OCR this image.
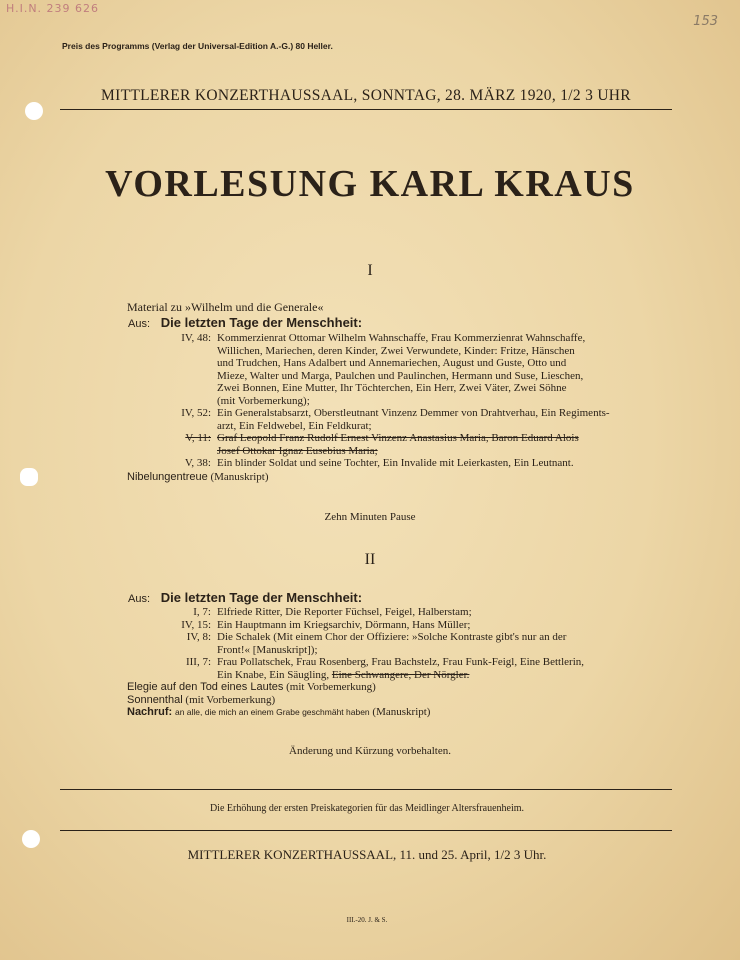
H.I.N. 239 626
153
Preis des Programms (Verlag der Universal-Edition A.-G.) 80 Heller.
MITTLERER KONZERTHAUSSAAL, SONNTAG, 28. MÄRZ 1920, 1/2 3 UHR
VORLESUNG KARL KRAUS
I
Material zu »Wilhelm und die Generale«
Aus: Die letzten Tage der Menschheit:
IV, 48: Kommerzienrat Ottomar Wilhelm Wahnschaffe, Frau Kommerzienrat Wahnschaffe,
Willichen, Mariechen, deren Kinder, Zwei Verwundete, Kinder: Fritze, Hänschen
und Trudchen, Hans Adalbert und Annemariechen, August und Guste, Otto und
Mieze, Walter und Marga, Paulchen und Paulinchen, Hermann und Suse, Lieschen,
Zwei Bonnen, Eine Mutter, Ihr Töchterchen, Ein Herr, Zwei Väter, Zwei Söhne
(mit Vorbemerkung);
IV, 52: Ein Generalstabsarzt, Oberstleutnant Vinzenz Demmer von Drahtverhau, Ein Regiments-
arzt, Ein Feldwebel, Ein Feldkurat;
V, 11: Graf Leopold Franz Rudolf Ernest Vinzenz Anastasius Maria, Baron Eduard Alois
Josef Ottokar Ignaz Eusebius Maria;
V, 38: Ein blinder Soldat und seine Tochter, Ein Invalide mit Leierkasten, Ein Leutnant.
Nibelungentreue (Manuskript)
Zehn Minuten Pause
II
Aus: Die letzten Tage der Menschheit:
I, 7: Elfriede Ritter, Die Reporter Füchsel, Feigel, Halberstam;
IV, 15: Ein Hauptmann im Kriegsarchiv, Dörmann, Hans Müller;
IV, 8: Die Schalek (Mit einem Chor der Offiziere: »Solche Kontraste gibt's nur an der
Front!« [Manuskript]);
III, 7: Frau Pollatschek, Frau Rosenberg, Frau Bachstelz, Frau Funk-Feigl, Eine Bettlerin,
Ein Knabe, Ein Säugling, Eine Schwangere, Der Nörgler.
Elegie auf den Tod eines Lautes (mit Vorbemerkung)
Sonnenthal (mit Vorbemerkung)
Nachruf: an alle, die mich an einem Grabe geschmäht haben (Manuskript)
Änderung und Kürzung vorbehalten.
Die Erhöhung der ersten Preiskategorien für das Meidlinger Altersfrauenheim.
MITTLERER KONZERTHAUSSAAL, 11. und 25. April, 1/2 3 Uhr.
III.-20. J. & S.
